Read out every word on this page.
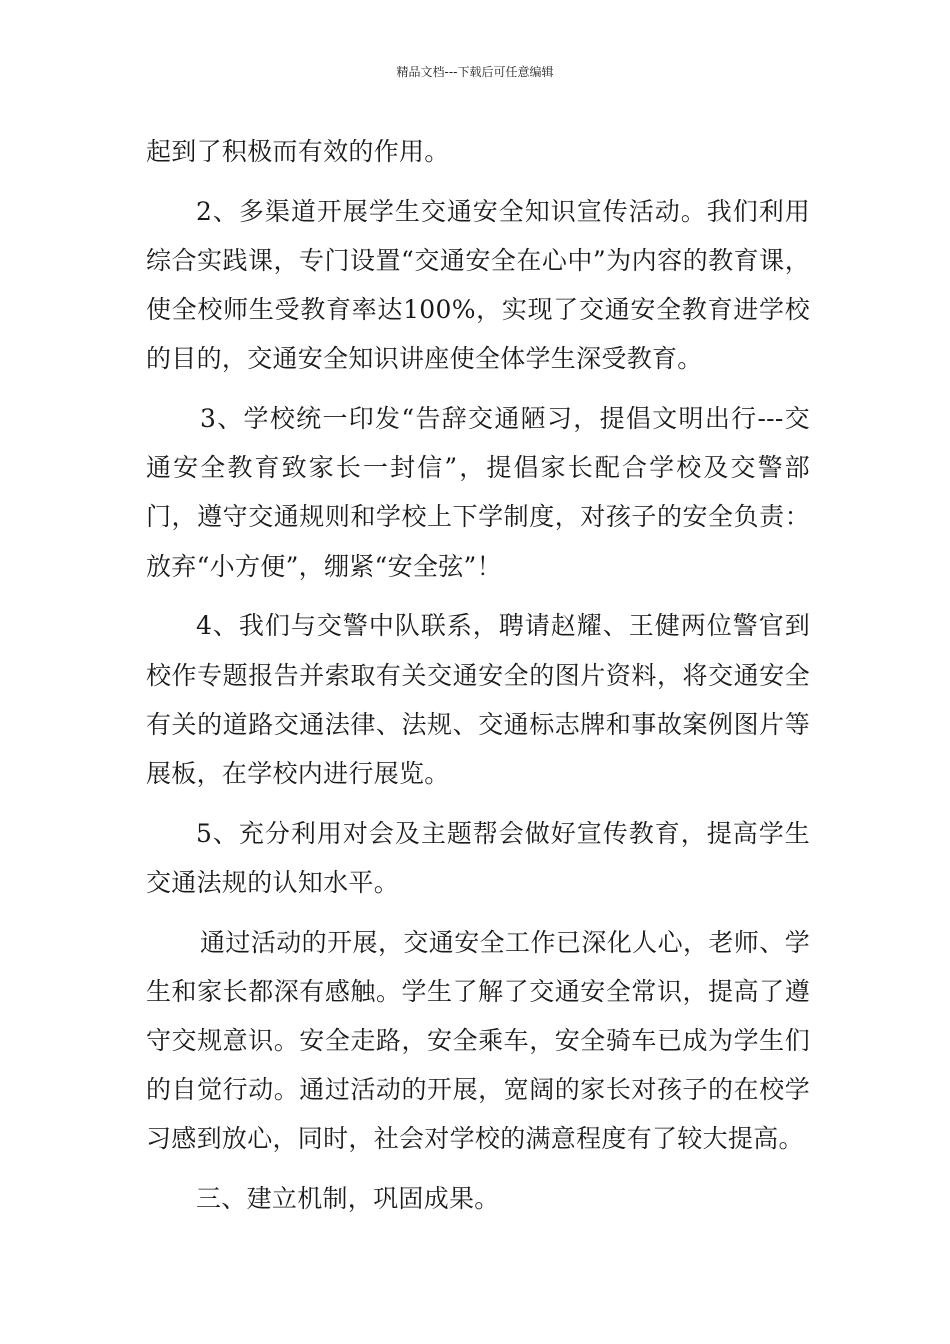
精品文档---下载后可任意编辑

起到了积极而有效的作用。

2、多渠道开展学生交通安全知识宣传活动。我们利用综合实践课，专门设置“交通安全在心中”为内容的教育课，使全校师生受教育率达100%，实现了交通安全教育进学校的目的，交通安全知识讲座使全体学生深受教育。

3、学校统一印发“告辞交通陋习，提倡文明出行---交通安全教育致家长一封信”，提倡家长配合学校及交警部门，遵守交通规则和学校上下学制度，对孩子的安全负责：放弃“小方便”，绷紧“安全弦”！

4、我们与交警中队联系，聘请赵耀、王健两位警官到校作专题报告并索取有关交通安全的图片资料，将交通安全有关的道路交通法律、法规、交通标志牌和事故案例图片等展板，在学校内进行展览。

5、充分利用对会及主题帮会做好宣传教育，提高学生交通法规的认知水平。

通过活动的开展，交通安全工作已深化人心，老师、学生和家长都深有感触。学生了解了交通安全常识，提高了遵守交规意识。安全走路，安全乘车，安全骑车已成为学生们的自觉行动。通过活动的开展，宽阔的家长对孩子的在校学习感到放心，同时，社会对学校的满意程度有了较大提高。

三、建立机制，巩固成果。
